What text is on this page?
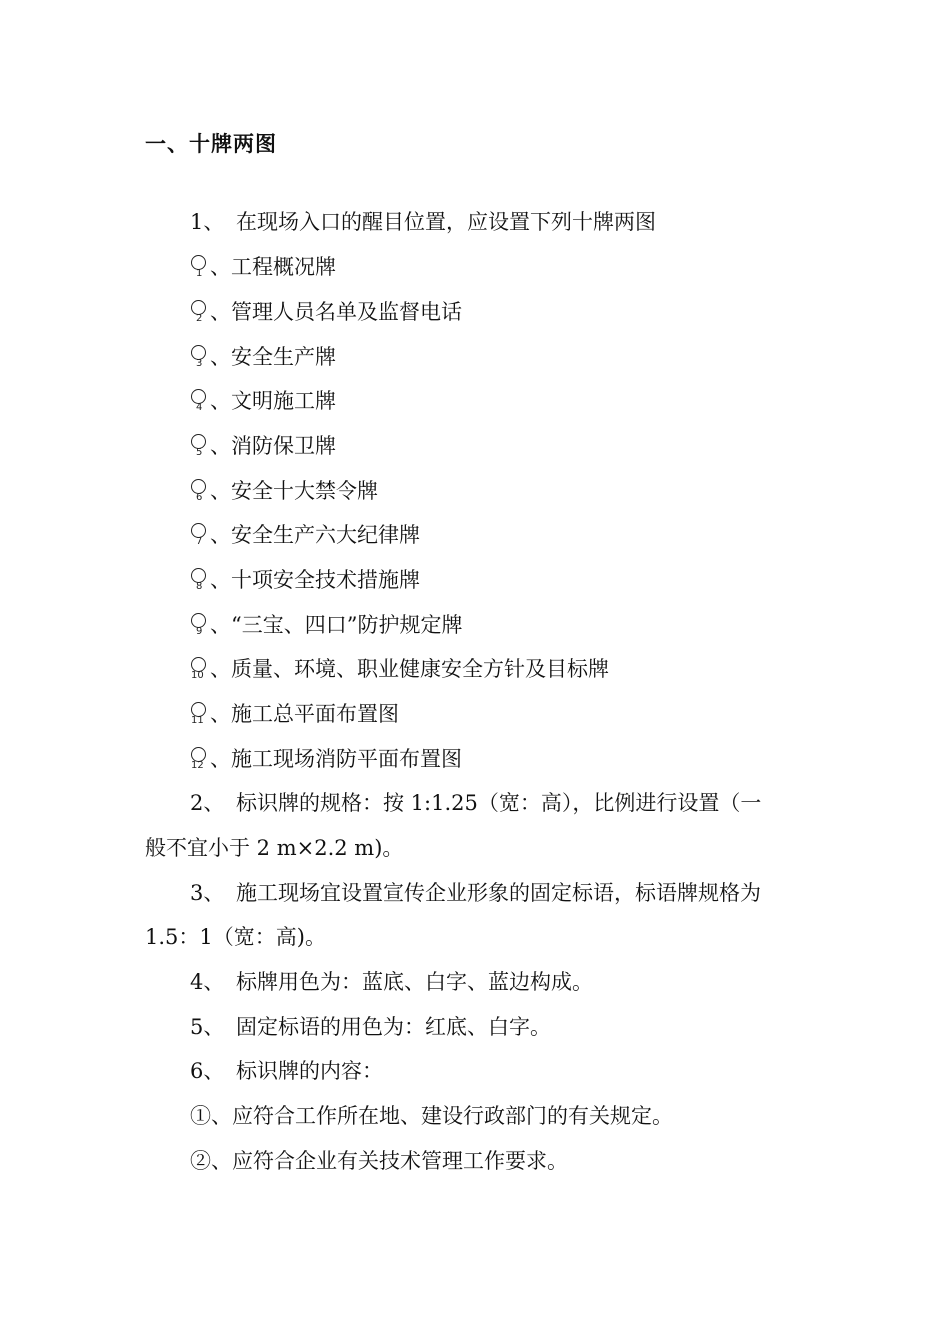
一、十牌两图
1、 在现场入口的醒目位置，应设置下列十牌两图
1 、工程概况牌
2 、管理人员名单及监督电话
3 、安全生产牌
4 、文明施工牌
5 、消防保卫牌
6 、安全十大禁令牌
7 、安全生产六大纪律牌
8 、十项安全技术措施牌
9 、“三宝、四口”防护规定牌
10 、质量、环境、职业健康安全方针及目标牌
11 、施工总平面布置图
12 、施工现场消防平面布置图
2、 标识牌的规格：按 1:1.25（宽：高），比例进行设置（一
般不宜小于 2 m×2.2 m)。
3、 施工现场宜设置宣传企业形象的固定标语，标语牌规格为
1.5：1（宽：高)。
4、 标牌用色为：蓝底、白字、蓝边构成。
5、 固定标语的用色为：红底、白字。
6、 标识牌的内容：
①、应符合工作所在地、建设行政部门的有关规定。
②、应符合企业有关技术管理工作要求。
